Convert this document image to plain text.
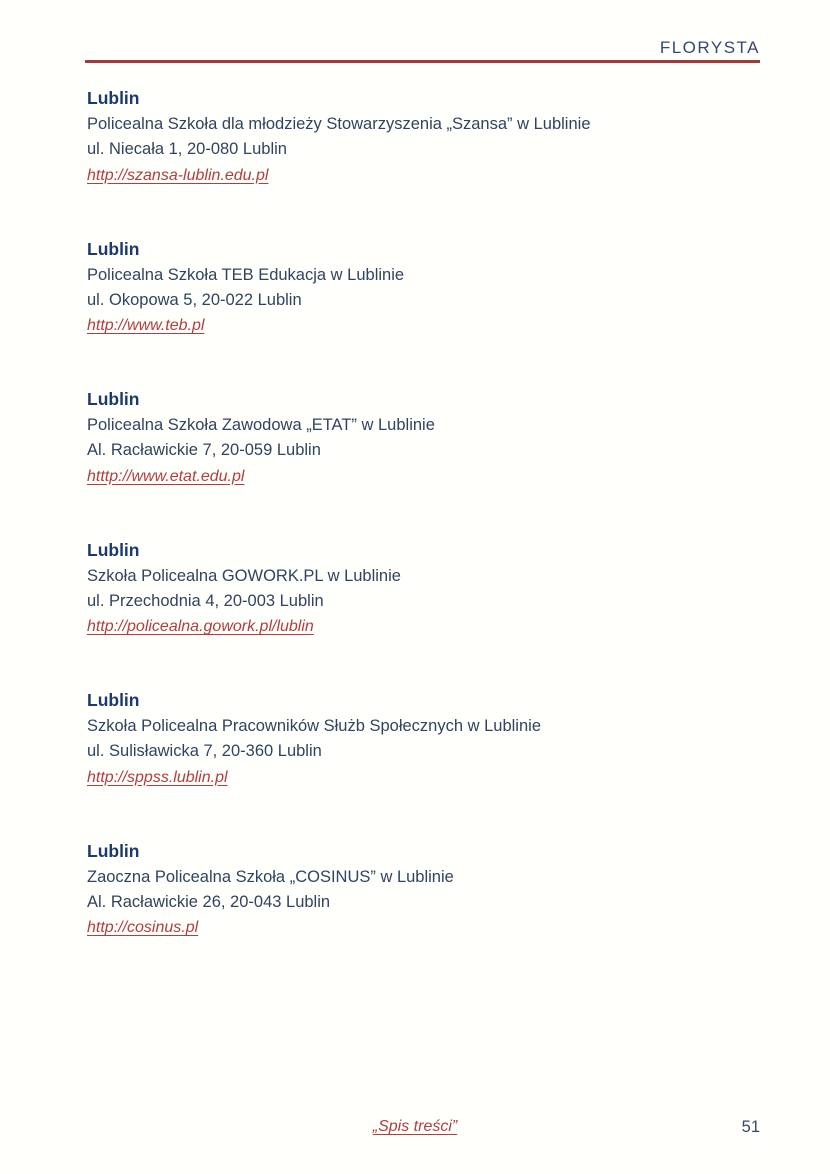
FLORYSTA
Lublin
Policealna Szkoła dla młodzieży Stowarzyszenia „Szansa” w Lublinie
ul. Niecała 1, 20-080 Lublin
http://szansa-lublin.edu.pl
Lublin
Policealna Szkoła TEB Edukacja w Lublinie
ul. Okopowa 5, 20-022 Lublin
http://www.teb.pl
Lublin
Policealna Szkoła Zawodowa „ETAT” w Lublinie
Al. Racławickie 7, 20-059 Lublin
htttp://www.etat.edu.pl
Lublin
Szkoła Policealna GOWORK.PL w Lublinie
ul. Przechodnia 4, 20-003 Lublin
http://policealna.gowork.pl/lublin
Lublin
Szkoła Policealna Pracowników Służb Społecznych w Lublinie
ul. Sulisławicka 7, 20-360 Lublin
http://sppss.lublin.pl
Lublin
Zaoczna Policealna Szkoła „COSINUS” w Lublinie
Al. Racławickie 26, 20-043 Lublin
http://cosinus.pl
„Spis treści”	51
